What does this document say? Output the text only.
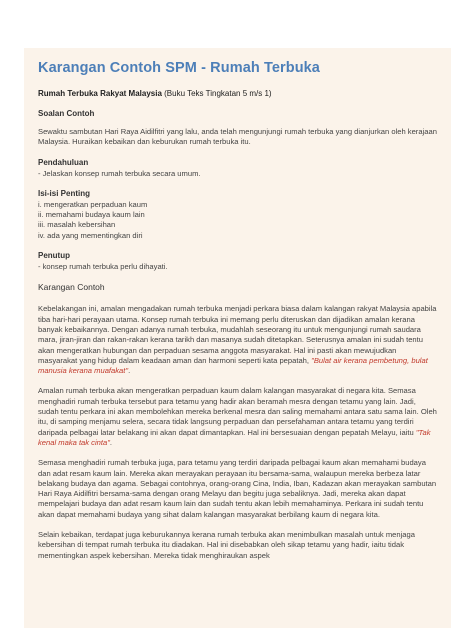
Karangan Contoh SPM - Rumah Terbuka
Rumah Terbuka Rakyat Malaysia (Buku Teks Tingkatan 5 m/s 1)
Soalan Contoh
Sewaktu sambutan Hari Raya Aidilfitri yang lalu, anda telah mengunjungi rumah terbuka yang dianjurkan oleh kerajaan Malaysia. Huraikan kebaikan dan keburukan rumah terbuka itu.
Pendahuluan
- Jelaskan konsep rumah terbuka secara umum.
Isi-isi Penting
i. mengeratkan perpaduan kaum
ii. memahami budaya kaum lain
iii. masalah kebersihan
iv. ada yang mementingkan diri
Penutup
- konsep rumah terbuka perlu dihayati.
Karangan Contoh
Kebelakangan ini, amalan mengadakan rumah terbuka menjadi perkara biasa dalam kalangan rakyat Malaysia apabila tiba hari-hari perayaan utama. Konsep rumah terbuka ini memang perlu diteruskan dan dijadikan amalan kerana banyak kebaikannya. Dengan adanya rumah terbuka, mudahlah seseorang itu untuk mengunjungi rumah saudara mara, jiran-jiran dan rakan-rakan kerana tarikh dan masanya sudah ditetapkan. Seterusnya amalan ini sudah tentu akan mengeratkan hubungan dan perpaduan sesama anggota masyarakat. Hal ini pasti akan mewujudkan masyarakat yang hidup dalam keadaan aman dan harmoni seperti kata pepatah, "Bulat air kerana pembetung, bulat manusia kerana muafakat".
Amalan rumah terbuka akan mengeratkan perpaduan kaum dalam kalangan masyarakat di negara kita. Semasa menghadiri rumah terbuka tersebut para tetamu yang hadir akan beramah mesra dengan tetamu yang lain. Jadi, sudah tentu perkara ini akan membolehkan mereka berkenal mesra dan saling memahami antara satu sama lain. Oleh itu, di samping menjamu selera, secara tidak langsung perpaduan dan persefahaman antara tetamu yang terdiri daripada pelbagai latar belakang ini akan dapat dimantapkan. Hal ini bersesuaian dengan pepatah Melayu, iaitu "Tak kenal maka tak cinta".
Semasa menghadiri rumah terbuka juga, para tetamu yang terdiri daripada pelbagai kaum akan memahami budaya dan adat resam kaum lain. Mereka akan merayakan perayaan itu bersama-sama, walaupun mereka berbeza latar belakang budaya dan agama. Sebagai contohnya, orang-orang Cina, India, Iban, Kadazan akan merayakan sambutan Hari Raya Aidilfitri bersama-sama dengan orang Melayu dan begitu juga sebaliknya. Jadi, mereka akan dapat mempelajari budaya dan adat resam kaum lain dan sudah tentu akan lebih memahaminya. Perkara ini sudah tentu akan dapat memahami budaya yang sihat dalam kalangan masyarakat berbilang kaum di negara kita.
Selain kebaikan, terdapat juga keburukannya kerana rumah terbuka akan menimbulkan masalah untuk menjaga kebersihan di tempat rumah terbuka itu diadakan. Hal ini disebabkan oleh sikap tetamu yang hadir, iaitu tidak mementingkan aspek kebersihan. Mereka tidak menghiraukan aspek
